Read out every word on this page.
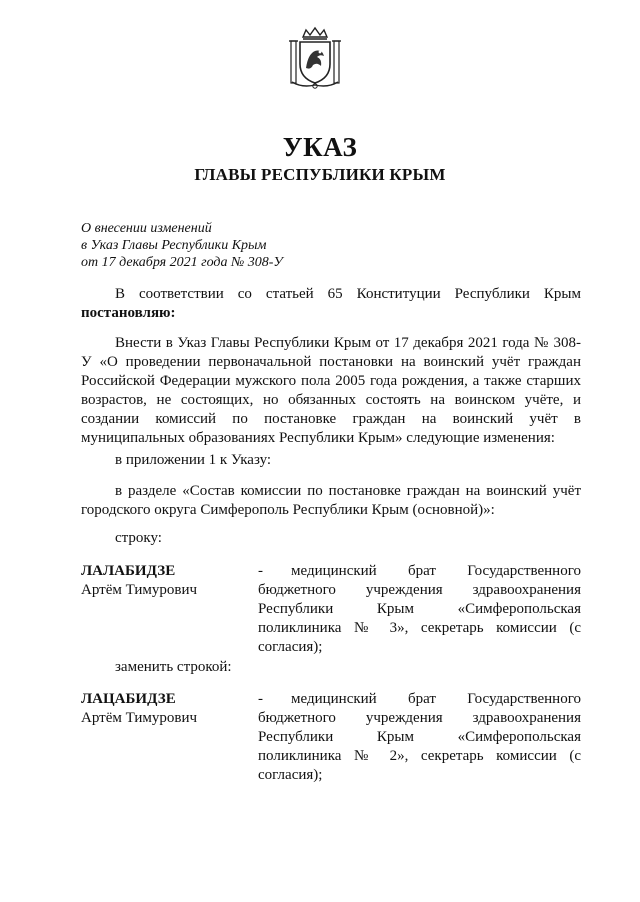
УКАЗ
ГЛАВЫ РЕСПУБЛИКИ КРЫМ
О внесении изменений
в Указ Главы Республики Крым
от 17 декабря 2021 года № 308-У
В соответствии со статьей 65 Конституции Республики Крым постановляю:
Внести в Указ Главы Республики Крым от 17 декабря 2021 года № 308-У «О проведении первоначальной постановки на воинский учёт граждан Российской Федерации мужского пола 2005 года рождения, а также старших возрастов, не состоящих, но обязанных состоять на воинском учёте, и создании комиссий по постановке граждан на воинский учёт в муниципальных образованиях Республики Крым» следующие изменения:
в приложении 1 к Указу:
в разделе «Состав комиссии по постановке граждан на воинский учёт городского округа Симферополь Республики Крым (основной)»:
строку:
ЛАЛАБИДЗЕ
Артём Тимурович
-	медицинский брат Государственного бюджетного учреждения здравоохранения Республики Крым «Симферопольская поликлиника № 3», секретарь комиссии (с согласия);
заменить строкой:
ЛАЦАБИДЗЕ
Артём Тимурович
-	медицинский брат Государственного бюджетного учреждения здравоохранения Республики Крым «Симферопольская поликлиника № 2», секретарь комиссии (с согласия);
